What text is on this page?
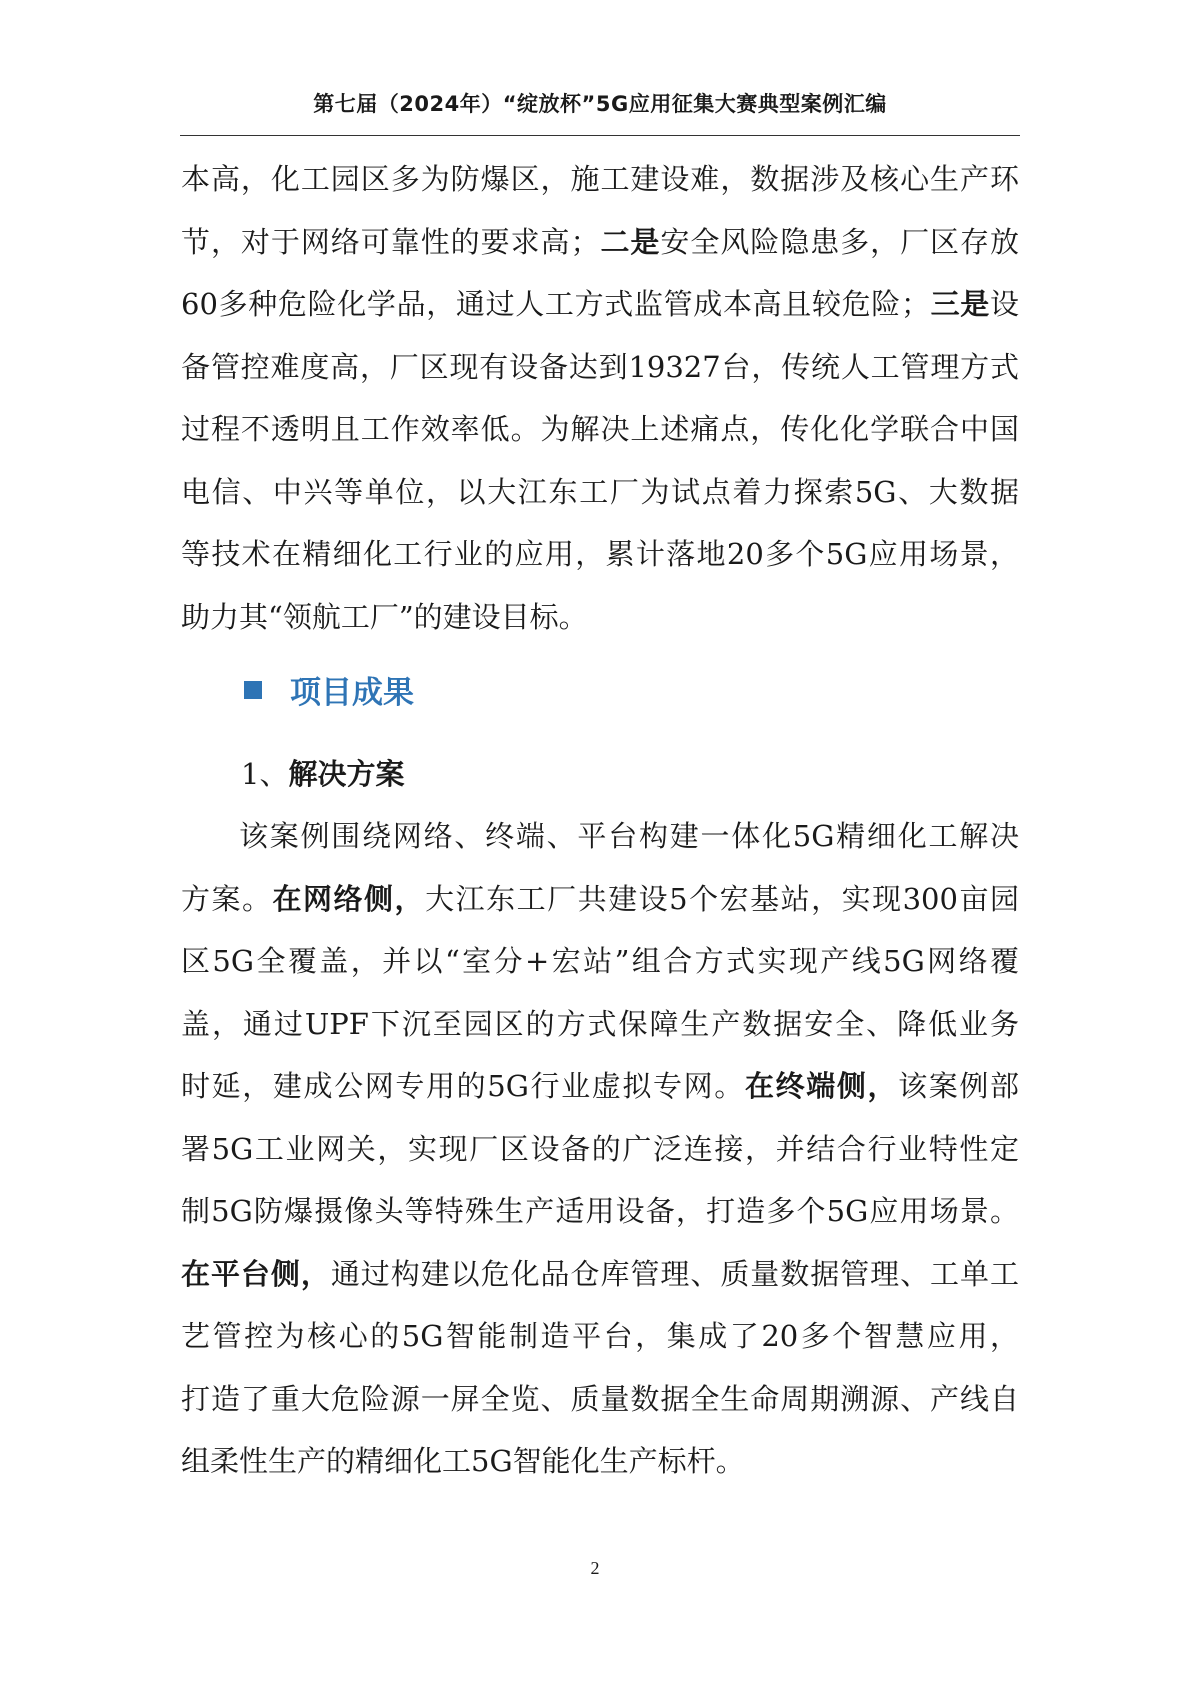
第七届（2024年）“绽放杯”5G应用征集大赛典型案例汇编

本高，化工园区多为防爆区，施工建设难，数据涉及核心生产环
节，对于网络可靠性的要求高；二是安全风险隐患多，厂区存放
60多种危险化学品，通过人工方式监管成本高且较危险；三是设
备管控难度高，厂区现有设备达到19327台，传统人工管理方式
过程不透明且工作效率低。为解决上述痛点，传化化学联合中国
电信、中兴等单位，以大江东工厂为试点着力探索5G、大数据
等技术在精细化工行业的应用，累计落地20多个5G应用场景，
助力其“领航工厂”的建设目标。

项目成果
1、解决方案

该案例围绕网络、终端、平台构建一体化5G精细化工解决
方案。在网络侧，大江东工厂共建设5个宏基站，实现300亩园
区5G全覆盖，并以“室分+宏站”组合方式实现产线5G网络覆
盖，通过UPF下沉至园区的方式保障生产数据安全、降低业务
时延，建成公网专用的5G行业虚拟专网。在终端侧，该案例部
署5G工业网关，实现厂区设备的广泛连接，并结合行业特性定
制5G防爆摄像头等特殊生产适用设备，打造多个5G应用场景。
在平台侧，通过构建以危化品仓库管理、质量数据管理、工单工
艺管控为核心的5G智能制造平台，集成了20多个智慧应用，
打造了重大危险源一屏全览、质量数据全生命周期溯源、产线自
组柔性生产的精细化工5G智能化生产标杆。

2
